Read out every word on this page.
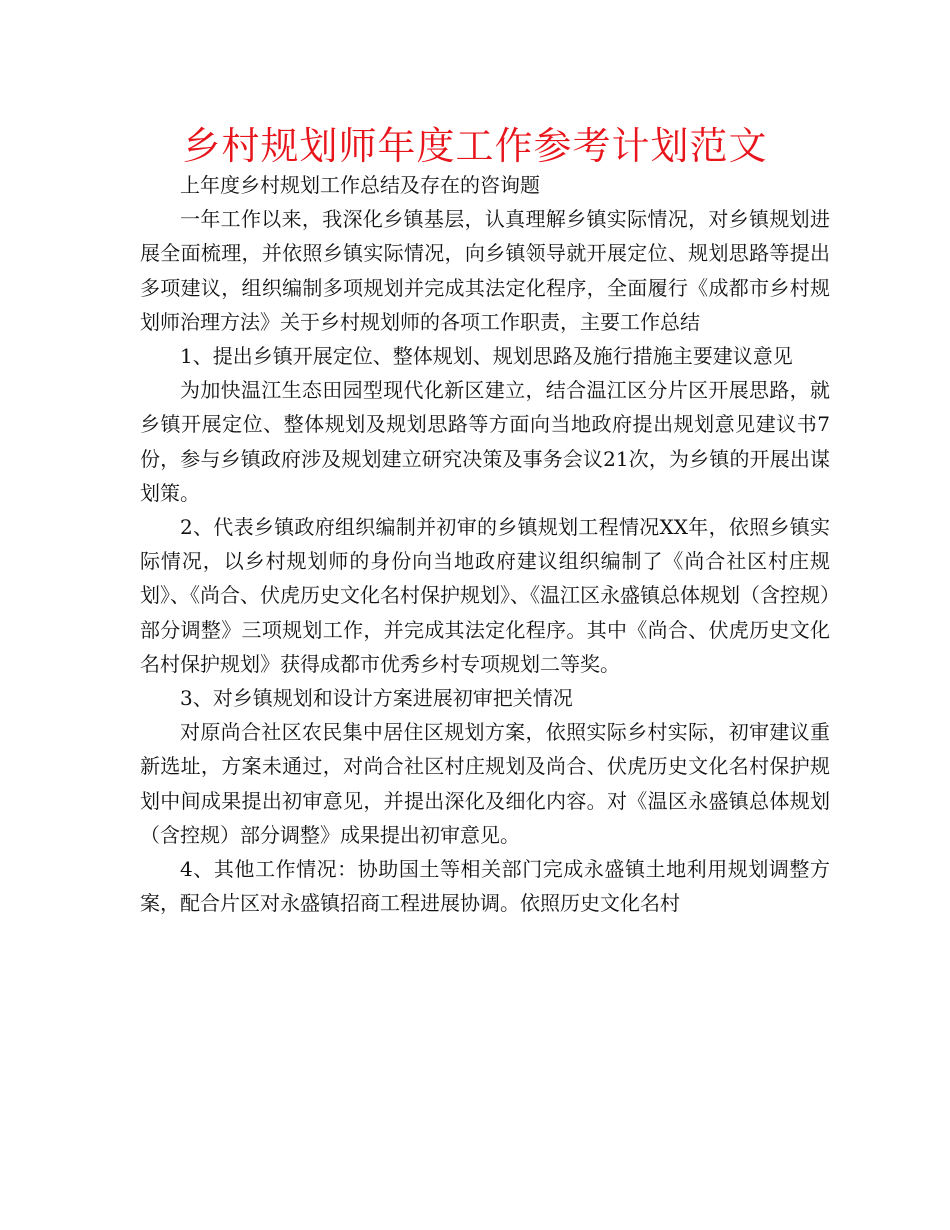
乡村规划师年度工作参考计划范文

上年度乡村规划工作总结及存在的咨询题

一年工作以来，我深化乡镇基层，认真理解乡镇实际情况，对乡镇规划进展全面梳理，并依照乡镇实际情况，向乡镇领导就开展定位、规划思路等提出多项建议，组织编制多项规划并完成其法定化程序，全面履行《成都市乡村规划师治理方法》关于乡村规划师的各项工作职责，主要工作总结

1、提出乡镇开展定位、整体规划、规划思路及施行措施主要建议意见

为加快温江生态田园型现代化新区建立，结合温江区分片区开展思路，就乡镇开展定位、整体规划及规划思路等方面向当地政府提出规划意见建议书7份，参与乡镇政府涉及规划建立研究决策及事务会议21次，为乡镇的开展出谋划策。

2、代表乡镇政府组织编制并初审的乡镇规划工程情况XX年，依照乡镇实际情况，以乡村规划师的身份向当地政府建议组织编制了《尚合社区村庄规划》、《尚合、伏虎历史文化名村保护规划》、《温江区永盛镇总体规划（含控规）部分调整》三项规划工作，并完成其法定化程序。其中《尚合、伏虎历史文化名村保护规划》获得成都市优秀乡村专项规划二等奖。

3、对乡镇规划和设计方案进展初审把关情况

对原尚合社区农民集中居住区规划方案，依照实际乡村实际，初审建议重新选址，方案未通过，对尚合社区村庄规划及尚合、伏虎历史文化名村保护规划中间成果提出初审意见，并提出深化及细化内容。对《温区永盛镇总体规划（含控规）部分调整》成果提出初审意见。

4、其他工作情况：协助国土等相关部门完成永盛镇土地利用规划调整方案，配合片区对永盛镇招商工程进展协调。依照历史文化名村
